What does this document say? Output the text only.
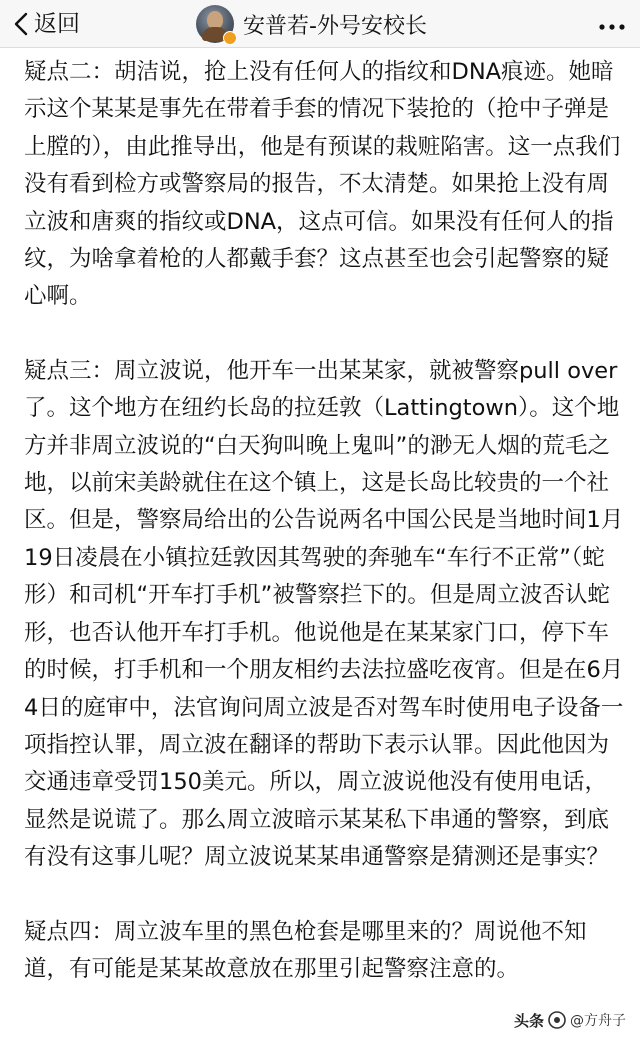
返回	安普若-外号安校长

疑点二：胡洁说，抢上没有任何人的指纹和DNA痕迹。她暗示这个某某是事先在带着手套的情况下装抢的（抢中子弹是上膛的），由此推导出，他是有预谋的栽赃陷害。这一点我们没有看到检方或警察局的报告，不太清楚。如果抢上没有周立波和唐爽的指纹或DNA，这点可信。如果没有任何人的指纹，为啥拿着枪的人都戴手套？这点甚至也会引起警察的疑心啊。

疑点三：周立波说，他开车一出某某家，就被警察pull over了。这个地方在纽约长岛的拉廷敦（Lattingtown）。这个地方并非周立波说的“白天狗叫晚上鬼叫”的渺无人烟的荒毛之地，以前宋美龄就住在这个镇上，这是长岛比较贵的一个社区。但是，警察局给出的公告说两名中国公民是当地时间1月19日凌晨在小镇拉廷敦因其驾驶的奔驰车“车行不正常”（蛇形）和司机“开车打手机”被警察拦下的。但是周立波否认蛇形，也否认他开车打手机。他说他是在某某家门口，停下车的时候，打手机和一个朋友相约去法拉盛吃夜宵。但是在6月4日的庭审中，法官询问周立波是否对驾车时使用电子设备一项指控认罪，周立波在翻译的帮助下表示认罪。因此他因为交通违章受罚150美元。所以，周立波说他没有使用电话，显然是说谎了。那么周立波暗示某某私下串通的警察，到底有没有这事儿呢？周立波说某某串通警察是猜测还是事实？

疑点四：周立波车里的黑色枪套是哪里来的？周说他不知道，有可能是某某故意放在那里引起警察注意的。

头条 @方舟子
